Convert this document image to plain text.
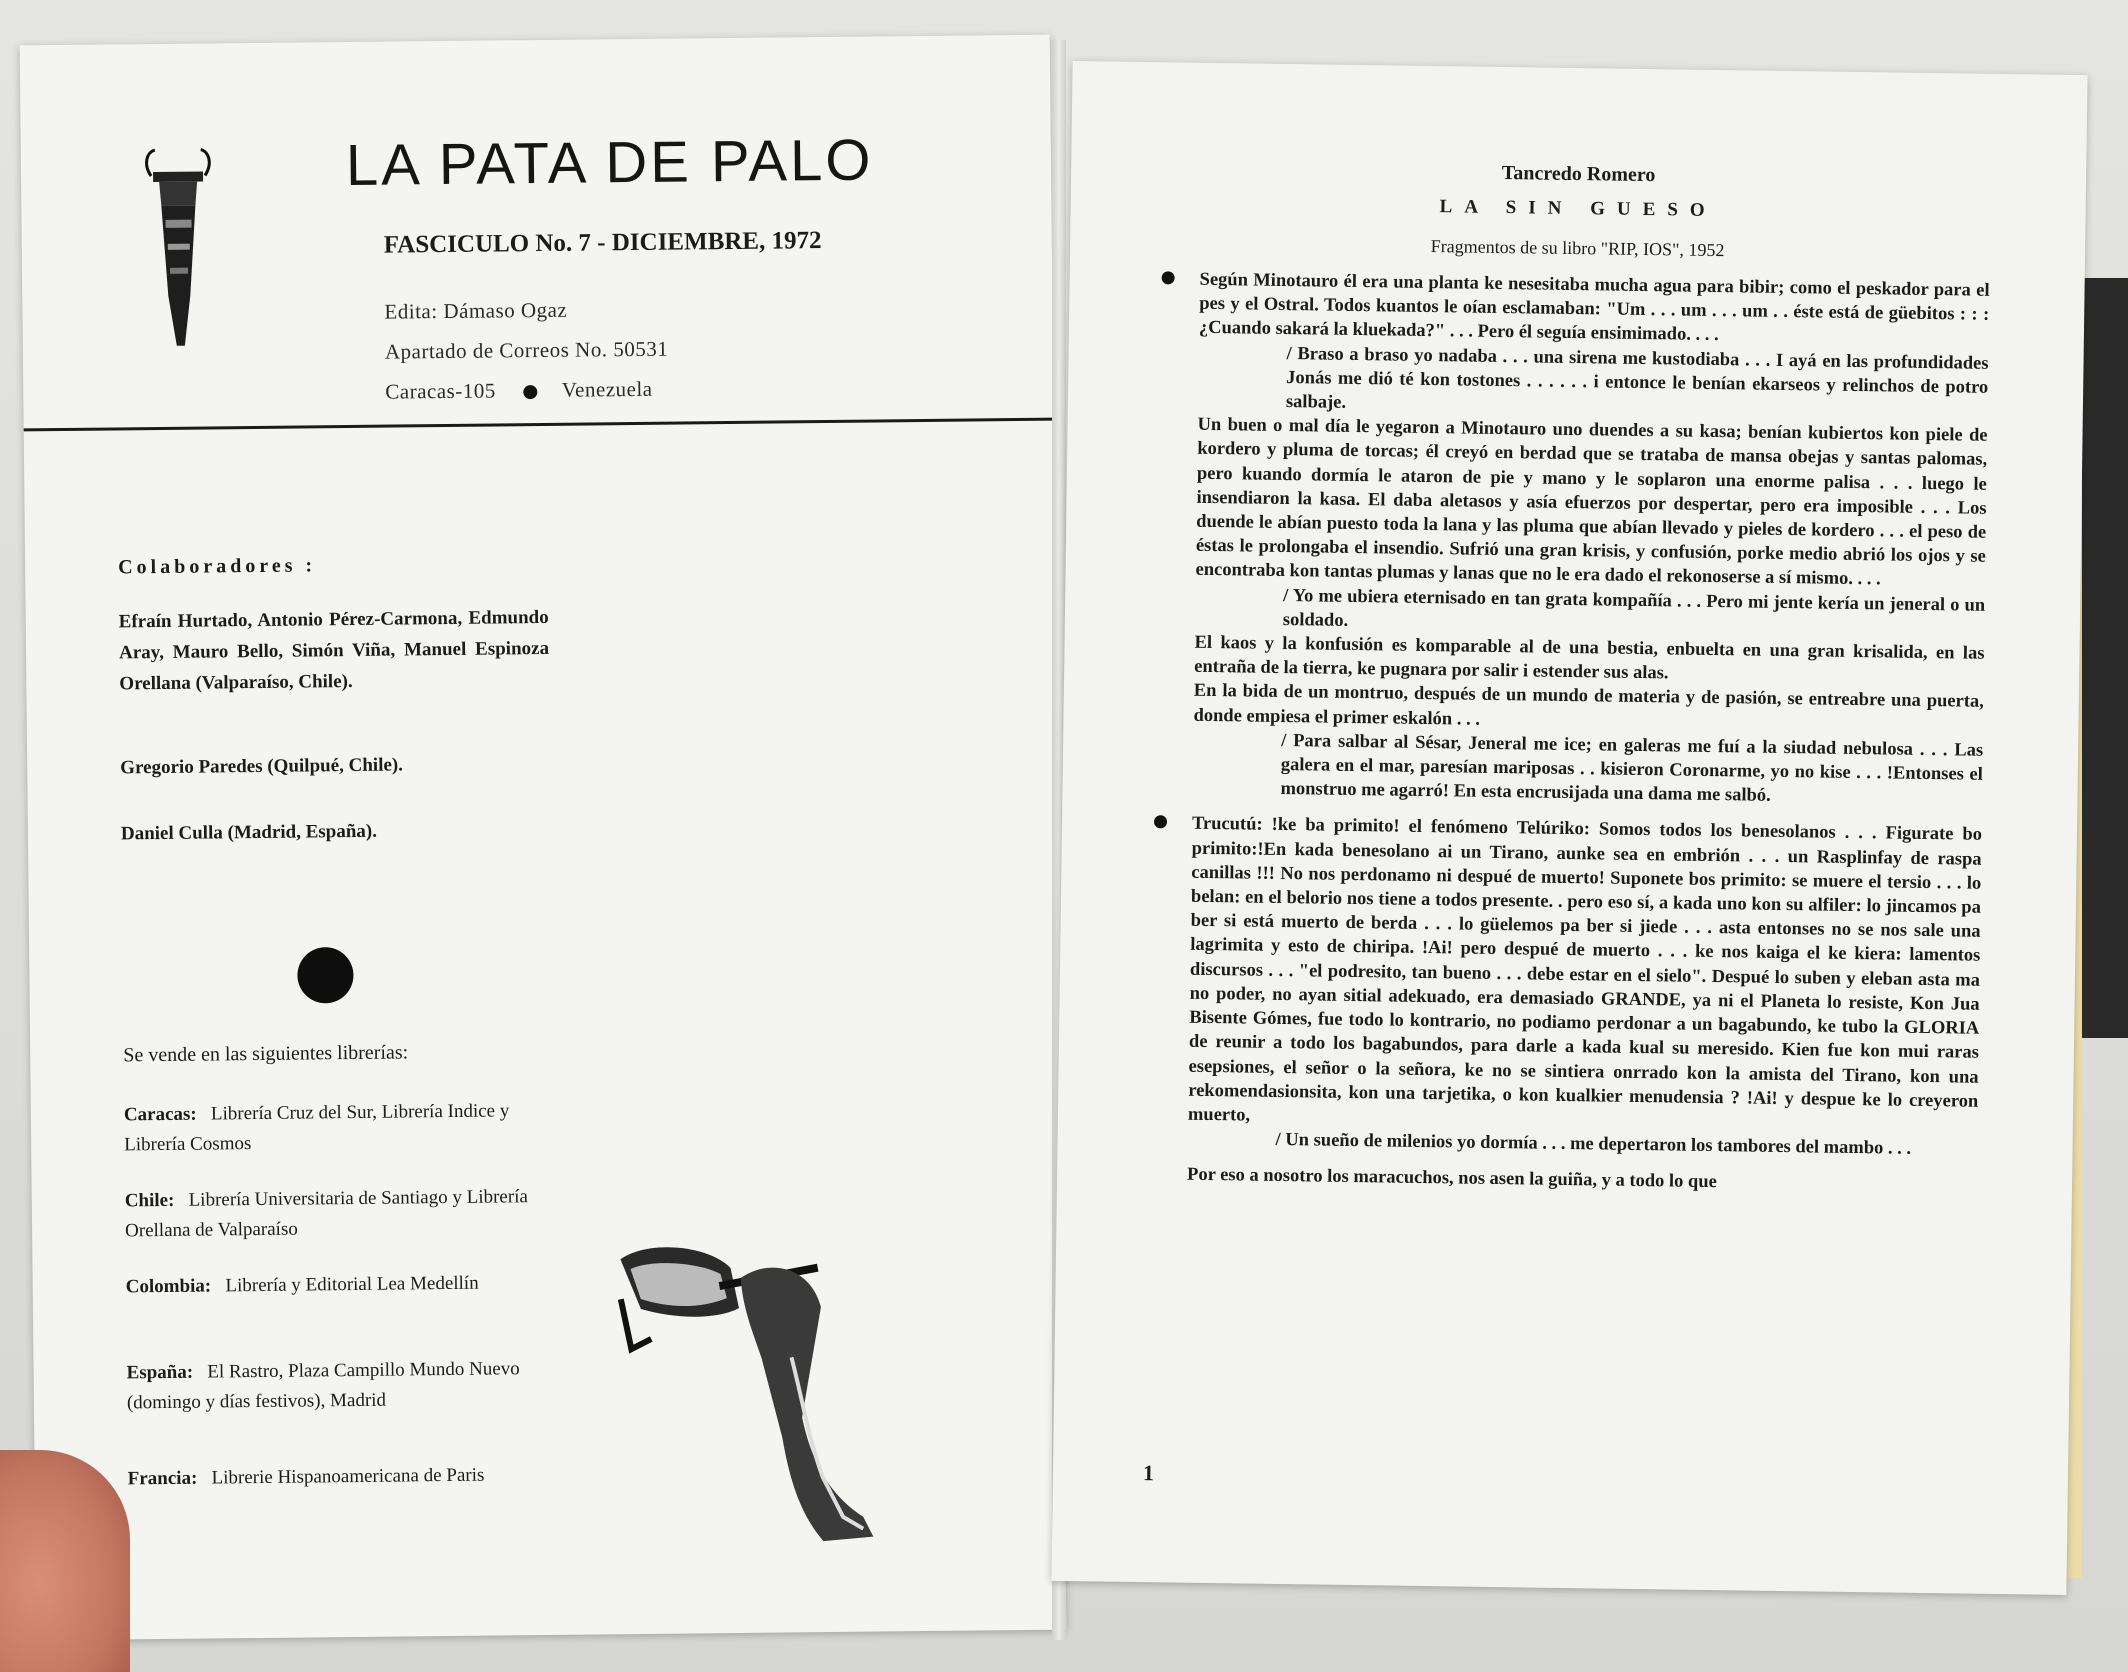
LA PATA DE PALO
FASCICULO No. 7 - DICIEMBRE, 1972
Edita: Dámaso Ogaz
Apartado de Correos No. 50531
Caracas-105	Venezuela
Colaboradores :
Efraín Hurtado, Antonio Pérez-Carmona, Edmundo Aray, Mauro Bello, Simón Viña, Manuel Espinoza Orellana (Valparaíso, Chile).
Gregorio Paredes (Quilpué, Chile).
Daniel Culla (Madrid, España).
Se vende en las siguientes librerías:
Caracas: Librería Cruz del Sur, Librería Indice y Librería Cosmos
Chile: Librería Universitaria de Santiago y Librería Orellana de Valparaíso
Colombia: Librería y Editorial Lea Medellín
España: El Rastro, Plaza Campillo Mundo Nuevo (domingo y días festivos), Madrid
Francia: Librerie Hispanoamericana de Paris
Tancredo Romero
LA SIN GUESO
Fragmentos de su libro "RIP, IOS", 1952

Según Minotauro él era una planta ke nesesitaba mucha agua para bibir; como el peskador para el pes y el Ostral. Todos kuantos le oían esclamaban: "Um . . . um . . . um . . éste está de güebitos : : : ¿Cuando sakará la kluekada?" . . . Pero él seguía ensimimado. . . .

/ Braso a braso yo nadaba . . . una sirena me kustodiaba . . . I ayá en las profundidades Jonás me dió té kon tostones . . . . . . i entonce le benían ekarseos y relinchos de potro salbaje.

Un buen o mal día le yegaron a Minotauro uno duendes a su kasa; benían kubiertos kon piele de kordero y pluma de torcas; él creyó en berdad que se trataba de mansa obejas y santas palomas, pero kuando dormía le ataron de pie y mano y le soplaron una enorme palisa . . . luego le insendiaron la kasa. El daba aletasos y asía efuerzos por despertar, pero era imposible . . . Los duende le abían puesto toda la lana y las pluma que abían llevado y pieles de kordero . . . el peso de éstas le prolongaba el insendio. Sufrió una gran krisis, y confusión, porke medio abrió los ojos y se encontraba kon tantas plumas y lanas que no le era dado el rekonoserse a sí mismo. . . .

/ Yo me ubiera eternisado en tan grata kompañía . . . Pero mi jente kería un jeneral o un soldado.

El kaos y la konfusión es komparable al de una bestia, enbuelta en una gran krisalida, en las entraña de la tierra, ke pugnara por salir i estender sus alas.

En la bida de un montruo, después de un mundo de materia y de pasión, se entreabre una puerta, donde empiesa el primer eskalón . . .

/ Para salbar al Sésar, Jeneral me ice; en galeras me fuí a la siudad nebulosa . . . Las galera en el mar, paresían mariposas . . kisieron Coronarme, yo no kise . . . !Entonses el monstruo me agarró! En esta encrusijada una dama me salbó.

Trucutú: !ke ba primito! el fenómeno Telúriko: Somos todos los benesolanos . . . Figurate bo primito:!En kada benesolano ai un Tirano, aunke sea en embrión . . . un Rasplinfay de raspa canillas !!! No nos perdonamo ni despué de muerto! Suponete bos primito: se muere el tersio . . . lo belan: en el belorio nos tiene a todos presente. . pero eso sí, a kada uno kon su alfiler: lo jincamos pa ber si está muerto de berda . . . lo güelemos pa ber si jiede . . . asta entonses no se nos sale una lagrimita y esto de chiripa. !Ai! pero despué de muerto . . . ke nos kaiga el ke kiera: lamentos discursos . . . "el podresito, tan bueno . . . debe estar en el sielo". Despué lo suben y eleban asta ma no poder, no ayan sitial adekuado, era demasiado GRANDE, ya ni el Planeta lo resiste, Kon Jua Bisente Gómes, fue todo lo kontrario, no podiamo perdonar a un bagabundo, ke tubo la GLORIA de reunir a todo los bagabundos, para darle a kada kual su meresido. Kien fue kon mui raras esepsiones, el señor o la señora, ke no se sintiera onrrado kon la amista del Tirano, kon una rekomendasionsita, kon una tarjetika, o kon kualkier menudensia ? !Ai! y despue ke lo creyeron muerto,

/ Un sueño de milenios yo dormía . . . me depertaron los tambores del mambo . . .

Por eso a nosotro los maracuchos, nos asen la guiña, y a todo lo que

1
